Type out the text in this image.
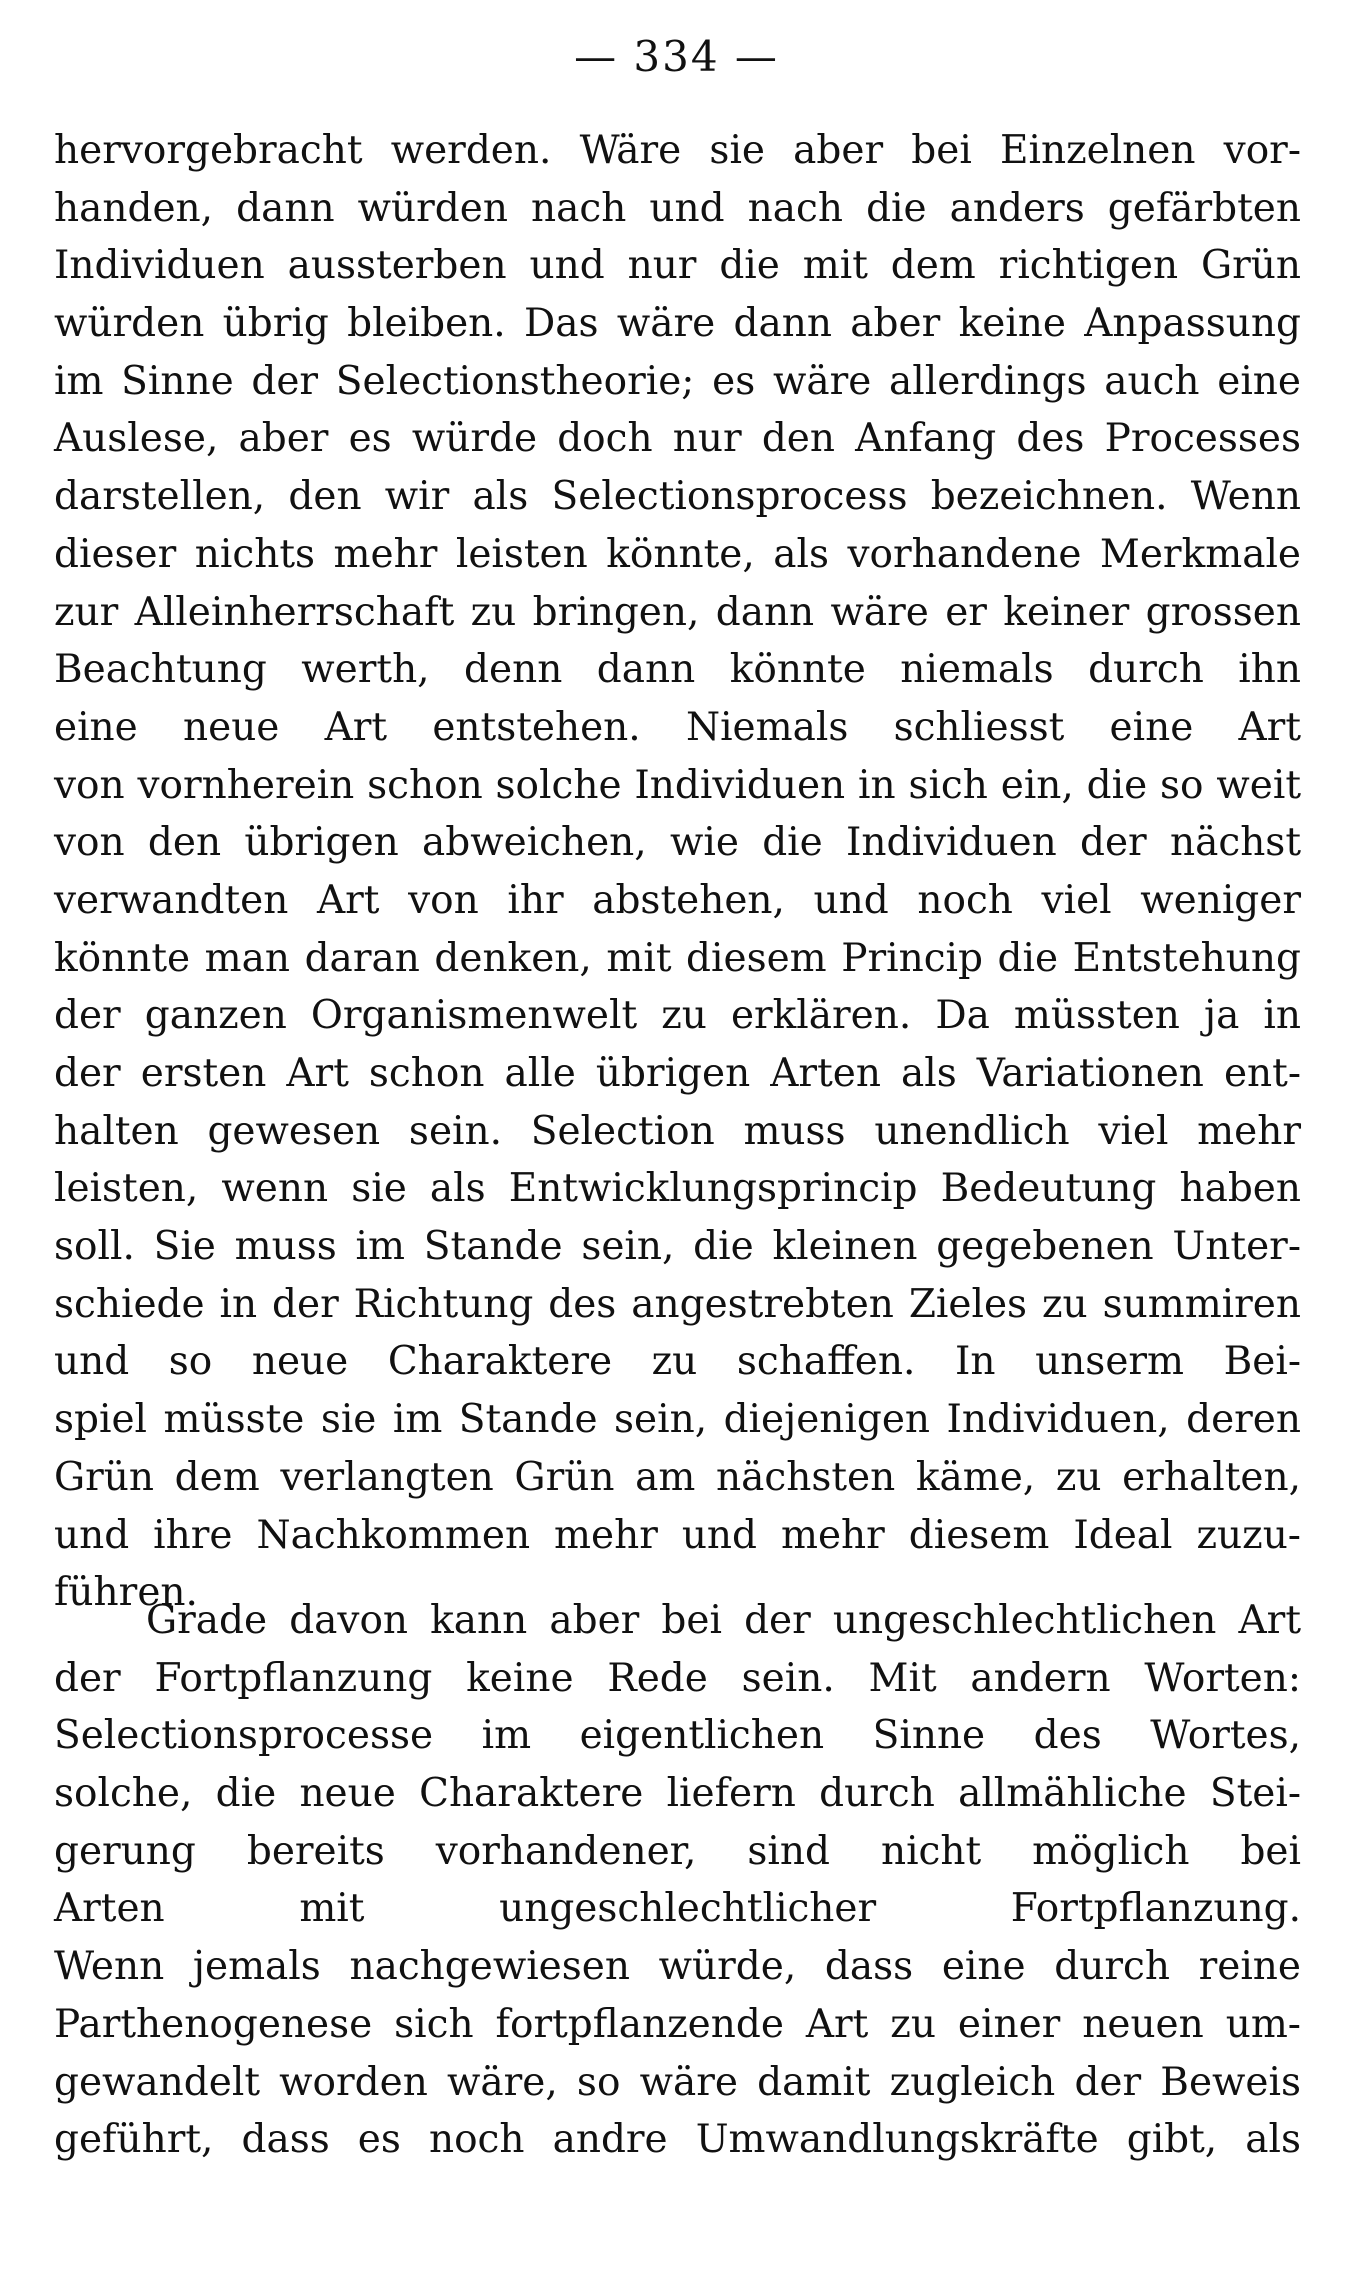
— 334 —
hervorgebracht werden. Wäre sie aber bei Einzelnen vor-
handen, dann würden nach und nach die anders gefärbten
Individuen aussterben und nur die mit dem richtigen Grün
würden übrig bleiben. Das wäre dann aber keine Anpassung
im Sinne der Selectionstheorie; es wäre allerdings auch eine
Auslese, aber es würde doch nur den Anfang des Processes
darstellen, den wir als Selectionsprocess bezeichnen. Wenn
dieser nichts mehr leisten könnte, als vorhandene Merkmale
zur Alleinherrschaft zu bringen, dann wäre er keiner grossen
Beachtung werth, denn dann könnte niemals durch ihn
eine neue Art entstehen. Niemals schliesst eine Art
von vornherein schon solche Individuen in sich ein, die so weit
von den übrigen abweichen, wie die Individuen der nächst
verwandten Art von ihr abstehen, und noch viel weniger
könnte man daran denken, mit diesem Princip die Entstehung
der ganzen Organismenwelt zu erklären. Da müssten ja in
der ersten Art schon alle übrigen Arten als Variationen ent-
halten gewesen sein. Selection muss unendlich viel mehr
leisten, wenn sie als Entwicklungsprincip Bedeutung haben
soll. Sie muss im Stande sein, die kleinen gegebenen Unter-
schiede in der Richtung des angestrebten Zieles zu summiren
und so neue Charaktere zu schaffen. In unserm Bei-
spiel müsste sie im Stande sein, diejenigen Individuen, deren
Grün dem verlangten Grün am nächsten käme, zu erhalten,
und ihre Nachkommen mehr und mehr diesem Ideal zuzu-
führen.
Grade davon kann aber bei der ungeschlechtlichen Art
der Fortpflanzung keine Rede sein. Mit andern Worten:
Selectionsprocesse im eigentlichen Sinne des Wortes,
solche, die neue Charaktere liefern durch allmähliche Stei-
gerung bereits vorhandener, sind nicht möglich bei
Arten mit ungeschlechtlicher Fortpflanzung.
Wenn jemals nachgewiesen würde, dass eine durch reine
Parthenogenese sich fortpflanzende Art zu einer neuen um-
gewandelt worden wäre, so wäre damit zugleich der Beweis
geführt, dass es noch andre Umwandlungskräfte gibt, als
